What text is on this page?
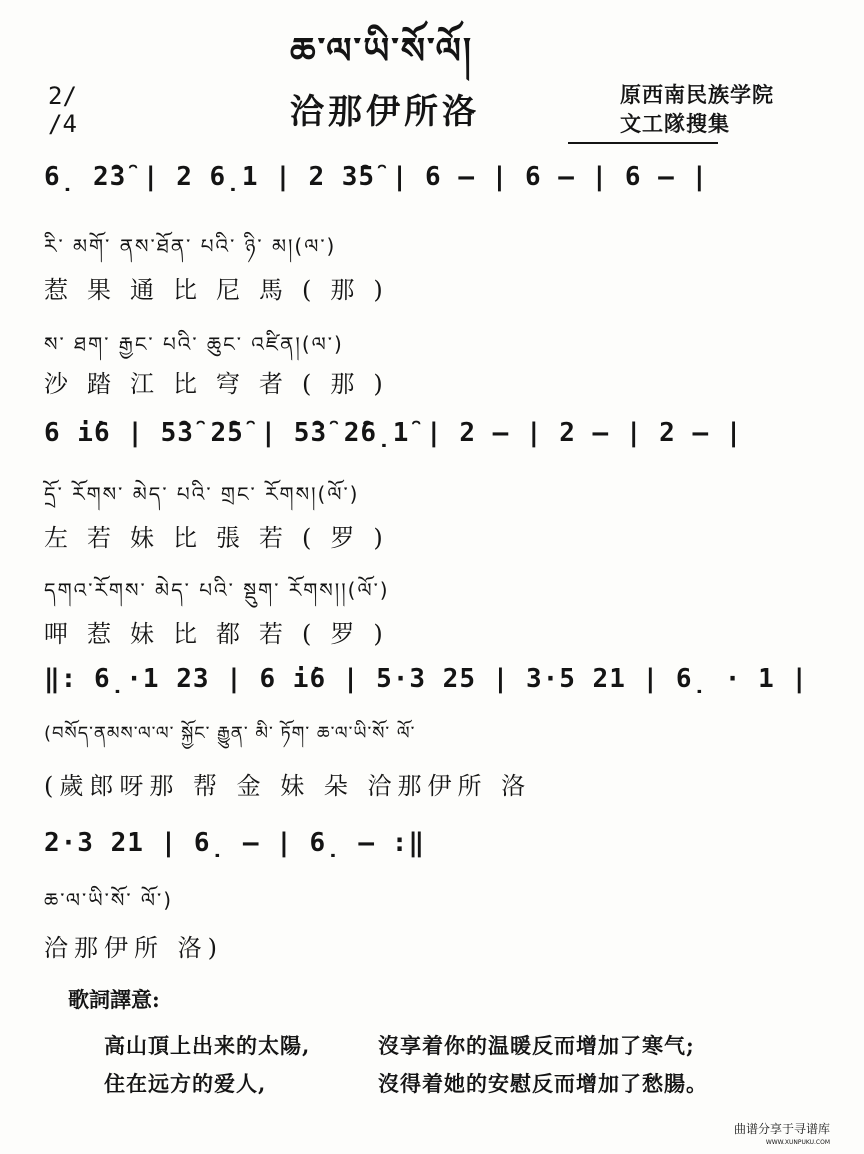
ཆ་ལ་ཡི་སོ་ལོ།
2/
/4	洽那伊所洛	原西南民族学院
文工隊搜集
6̣ 2̑3̑ | 2 6̣1 | 2 3̑5̑ | 6 — | 6 — | 6 — |
རི་ མགོ་ ནས་ཐོན་ པའི་ ཉི་ མ།(ལ་)
惹果通比尼馬(那)
ས་ ཐག་ རྒྱང་ པའི་ ཆུང་ འཛིན།(ལ་)
沙踏江比穹者(那)
6 i̇6 | 5̑3̑ 2̑5̑ | 5̑3̑ 2̑6̣1̑ | 2 — | 2 — | 2 — |
དྲོ་ རོགས་ མེད་ པའི་ གྲང་ རོགས།(ལོ་)
左若妹比張若(罗)
དགའ་རོགས་ མེད་ པའི་ སྡུག་ རོགས།།(ལོ་)
呷惹妹比都若(罗)
‖: 6̣·1 23 | 6 i̇6 | 5·3 25 | 3·5 21 | 6̣ · 1 |
(བསོད་ནམས་ལ་ལ་ སྐྱོང་ རྒྱུན་ མི་ ཏོག་ ཆ་ལ་ཡི་སོ་ ལོ་
(歲郎呀那 帮 金 妹 朵 洽那伊所 洛
2·3 21 | 6̣ — | 6̣ — :‖
ཆ་ལ་ཡི་སོ་ ལོ་)
洽那伊所 洛)
歌詞譯意:
高山頂上出来的太陽,	沒享着你的温暖反而增加了寒气;
住在远方的爱人,	沒得着她的安慰反而增加了愁腸。
曲谱分享于寻谱库
WWW.XUNPUKU.COM
